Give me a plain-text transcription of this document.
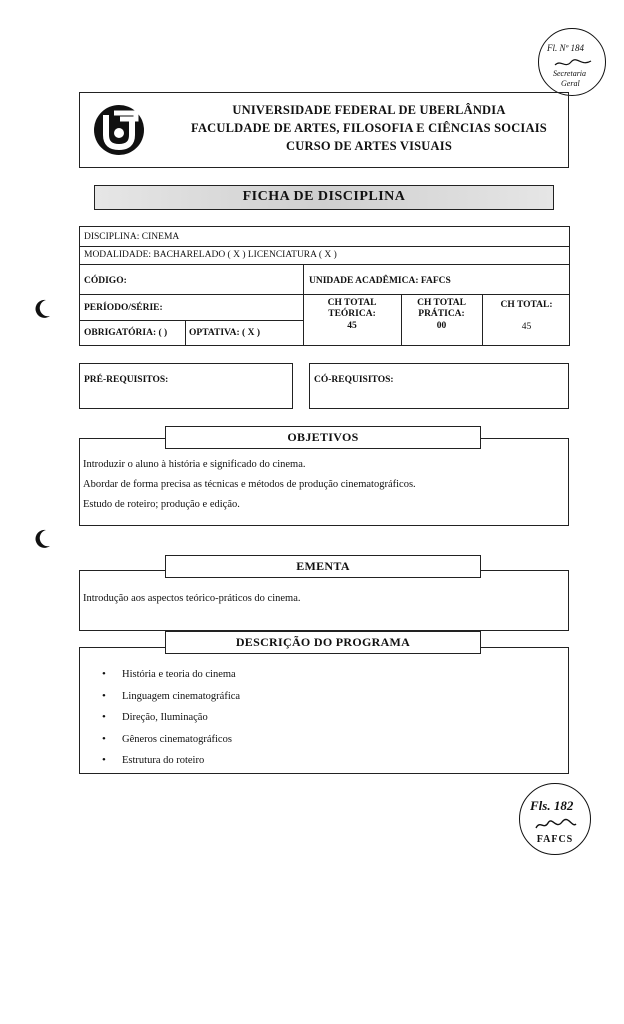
Fl. Nº 184
Secretaria
Geral
UNIVERSIDADE FEDERAL DE UBERLÂNDIA
FACULDADE DE ARTES, FILOSOFIA E CIÊNCIAS SOCIAIS
CURSO DE ARTES VISUAIS
FICHA DE DISCIPLINA
DISCIPLINA: CINEMA
MODALIDADE: BACHARELADO ( X ) LICENCIATURA ( X )
CÓDIGO:	UNIDADE ACADÊMICA: FAFCS
PERÍODO/SÉRIE:
OBRIGATÓRIA: ( ) OPTATIVA: ( X )
CH TOTAL
TEÓRICA:
45
CH TOTAL
PRÁTICA:
00
CH TOTAL:
45
PRÉ-REQUISITOS:	CÓ-REQUISITOS:
Introduzir o aluno à história e significado do cinema.
Abordar de forma precisa as técnicas e métodos de produção cinematográficos.
Estudo de roteiro; produção e edição.
OBJETIVOS
Introdução aos aspectos teórico-práticos do cinema.
EMENTA
• História e teoria do cinema
• Linguagem cinematográfica
• Direção, Iluminação
• Gêneros cinematográficos
• Estrutura do roteiro
DESCRIÇÃO DO PROGRAMA
Fls. 182
FAFCS
